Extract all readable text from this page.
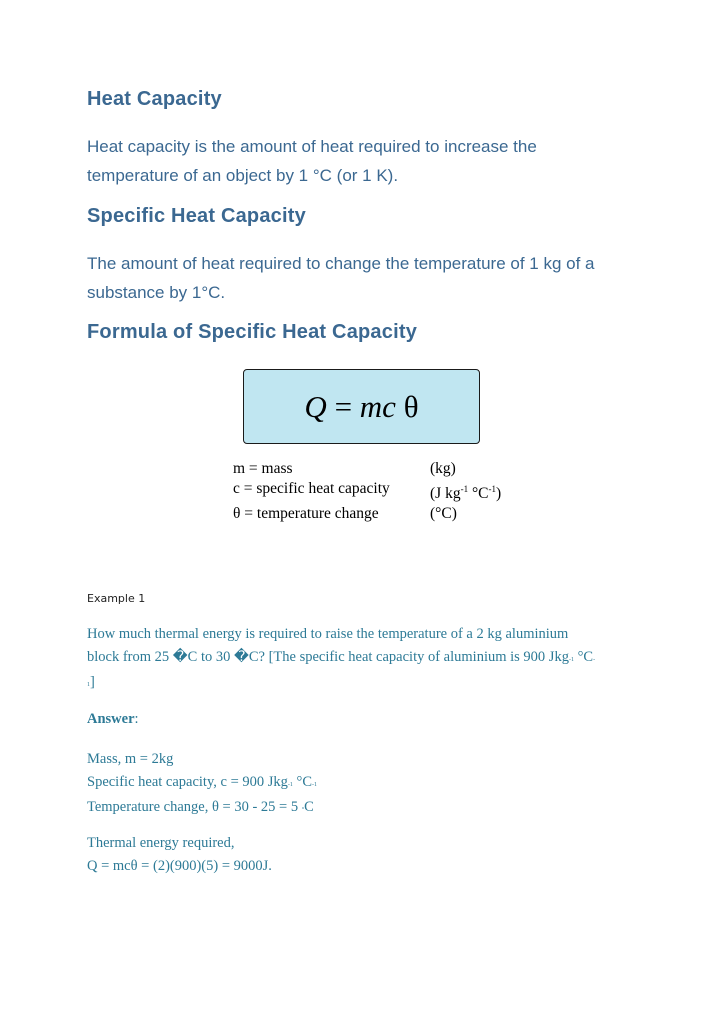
Heat Capacity
Heat capacity is the amount of heat required to increase the
temperature of an object by 1 °C (or 1 K).
Specific Heat Capacity
The amount of heat required to change the temperature of 1 kg of a
substance by 1°C.
Formula of Specific Heat Capacity
Q = mc θ
m = mass	(kg)
c = specific heat capacity	(J $kg^{-1}$ $^\circ C^{-1}$)
θ = temperature change	(°C)
Example 1
How much thermal energy is required to raise the temperature of a 2 kg aluminium
block from 25 �C to 30 �C? [The specific heat capacity of aluminium is 900 Jkg-1 °C-
1]
Answer:
Mass, m = 2kg
Specific heat capacity, c = 900 Jkg-1 °C-1
Temperature change, θ = 30 - 25 = 5 °C
Thermal energy required,
Q = mcθ = (2)(900)(5) = 9000J.
